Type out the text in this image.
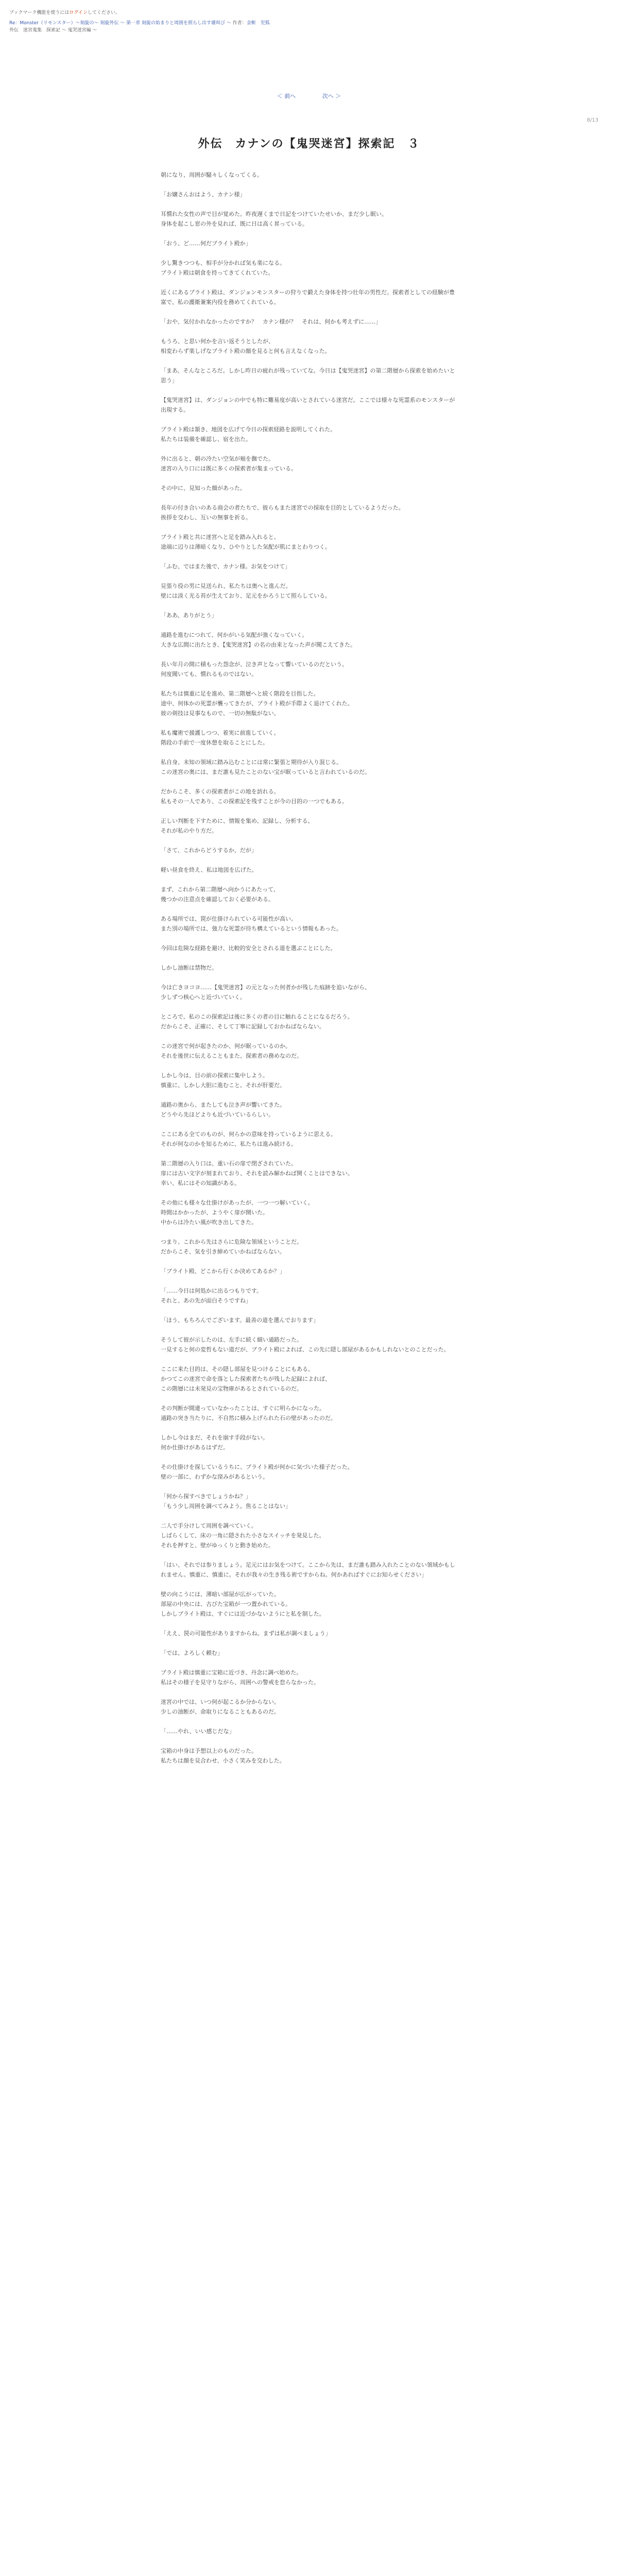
ブックマーク機能を使うにはログインしてください。
Re：Monster（リモンスター）～刻旋の～ 刻旋外伝 ～ 第一章 刻旋の始まりと周囲を照らし出す雄叫び ～ 作者：金斬　児狐
外伝　迷宮蒐集　探索記 ～ 鬼哭迷宮編 ～
＜ 前へ	次へ ＞
8/13
外伝　カナンの【鬼哭迷宮】探索記　３

朝になり、周囲が騒々しくなってくる。

「お嬢さんおはよう、カナン様」

耳慣れた女性の声で目が覚めた。昨夜遅くまで日記をつけていたせいか、まだ少し眠い。
身体を起こし窓の外を見れば、既に日は高く昇っている。

「おう、ど……何だブライト殿か」

少し驚きつつも、相手が分かれば気も楽になる。
ブライト殿は朝食を持ってきてくれていた。

近くにあるブライト殿は、ダンジョンモンスターの狩りで鍛えた身体を持つ壮年の男性だ。探索者としての経験が豊富で、私の護衛兼案内役を務めてくれている。

「おや、気付かれなかったのですか？　カナン様が？　それは、何かも考えずに……」

もうろ、と思い何かを言い返そうとしたが、
相変わらず楽しげなブライト殿の顔を見ると何も言えなくなった。

「まあ、そんなところだ。しかし昨日の疲れが残っていてな。今日は【鬼哭迷宮】の第二階層から探索を始めたいと思う」

【鬼哭迷宮】は、ダンジョンの中でも特に難易度が高いとされている迷宮だ。ここでは様々な死霊系のモンスターが出現する。

ブライト殿は頷き、地図を広げて今日の探索経路を説明してくれた。
私たちは装備を確認し、宿を出た。

外に出ると、朝の冷たい空気が頬を撫でた。
迷宮の入り口には既に多くの探索者が集まっている。

その中に、見知った顔があった。

長年の付き合いのある商会の者たちで、彼らもまた迷宮での採取を目的としているようだった。
挨拶を交わし、互いの無事を祈る。

ブライト殿と共に迷宮へと足を踏み入れると、
途端に辺りは薄暗くなり、ひやりとした気配が肌にまとわりつく。

「ふむ、ではまた後で、カナン様。お気をつけて」

見張り役の男に見送られ、私たちは奥へと進んだ。
壁には淡く光る苔が生えており、足元をかろうじて照らしている。

「ああ、ありがとう」

通路を進むにつれて、何かがいる気配が強くなっていく。
大きな広間に出たとき、【鬼哭迷宮】の名の由来となった声が聞こえてきた。

長い年月の間に積もった怨念が、泣き声となって響いているのだという。
何度聞いても、慣れるものではない。

私たちは慎重に足を進め、第二階層へと続く階段を目指した。
途中、何体かの死霊が襲ってきたが、ブライト殿が手際よく退けてくれた。
彼の剣技は見事なもので、一切の無駄がない。

私も魔術で援護しつつ、着実に前進していく。
階段の手前で一度休憩を取ることにした。

私自身、未知の領域に踏み込むことには常に緊張と期待が入り混じる。
この迷宮の奥には、まだ誰も見たことのない宝が眠っていると言われているのだ。

だからこそ、多くの探索者がこの地を訪れる。
私もその一人であり、この探索記を残すことが今の目的の一つでもある。

正しい判断を下すために、情報を集め、記録し、分析する。
それが私のやり方だ。

「さて、これからどうするか、だが」

軽い昼食を終え、私は地図を広げた。

まず、これから第二階層へ向かうにあたって、
幾つかの注意点を確認しておく必要がある。

ある場所では、罠が仕掛けられている可能性が高い。
また別の場所では、強力な死霊が待ち構えているという情報もあった。

今回は危険な経路を避け、比較的安全とされる道を選ぶことにした。

しかし油断は禁物だ。

今は亡きヨコヨ……【鬼哭迷宮】の元となった何者かが残した痕跡を追いながら、
少しずつ核心へと近づいていく。

ところで、私のこの探索記は後に多くの者の目に触れることになるだろう。
だからこそ、正確に、そして丁寧に記録しておかねばならない。

この迷宮で何が起きたのか、何が眠っているのか。
それを後世に伝えることもまた、探索者の務めなのだ。

しかし今は、目の前の探索に集中しよう。
慎重に、しかし大胆に進むこと。それが肝要だ。

通路の奥から、またしても泣き声が響いてきた。
どうやら先ほどよりも近づいているらしい。

ここにある全てのものが、何らかの意味を持っているように思える。
それが何なのかを知るために、私たちは進み続ける。

第二階層の入り口は、重い石の扉で閉ざされていた。
扉には古い文字が刻まれており、それを読み解かねば開くことはできない。
幸い、私にはその知識がある。

その他にも様々な仕掛けがあったが、一つ一つ解いていく。
時間はかかったが、ようやく扉が開いた。
中からは冷たい風が吹き出してきた。

つまり、これから先はさらに危険な領域ということだ。
だからこそ、気を引き締めていかねばならない。

「ブライト殿、どこから行くか決めてあるか？」

「……今日は何処かに出るつもりです。
それと、あの先が面白そうですね」

「ほう、もちろんでございます。最善の道を選んでおります」

そうして彼が示したのは、左手に続く細い通路だった。
一見すると何の変哲もない道だが、ブライト殿によれば、この先に隠し部屋があるかもしれないとのことだった。

ここに来た目的は、その隠し部屋を見つけることにもある。
かつてこの迷宮で命を落とした探索者たちが残した記録によれば、
この階層には未発見の宝物庫があるとされているのだ。

その判断が間違っていなかったことは、すぐに明らかになった。
通路の突き当たりに、不自然に積み上げられた石の壁があったのだ。

しかし今はまだ、それを崩す手段がない。
何か仕掛けがあるはずだ。

その仕掛けを探しているうちに、ブライト殿が何かに気づいた様子だった。
壁の一部に、わずかな窪みがあるという。

「何から探すべきでしょうかね？」
「もう少し周囲を調べてみよう。焦ることはない」

二人で手分けして周囲を調べていく。
しばらくして、床の一角に隠された小さなスイッチを発見した。
それを押すと、壁がゆっくりと動き始めた。

「はい、それでは参りましょう。足元にはお気をつけて。ここから先は、まだ誰も踏み入れたことのない領域かもしれません。慎重に、慎重に。それが我々の生き残る術ですからね。何かあればすぐにお知らせください」

壁の向こうには、薄暗い部屋が広がっていた。
部屋の中央には、古びた宝箱が一つ置かれている。
しかしブライト殿は、すぐには近づかないようにと私を制した。

「ええ、罠の可能性がありますからね。まずは私が調べましょう」

「では、よろしく頼む」

ブライト殿は慎重に宝箱に近づき、丹念に調べ始めた。
私はその様子を見守りながら、周囲への警戒を怠らなかった。

迷宮の中では、いつ何が起こるか分からない。
少しの油断が、命取りになることもあるのだ。

「……やれ、いい感じだな」

宝箱の中身は予想以上のものだった。
私たちは顔を見合わせ、小さく笑みを交わした。
